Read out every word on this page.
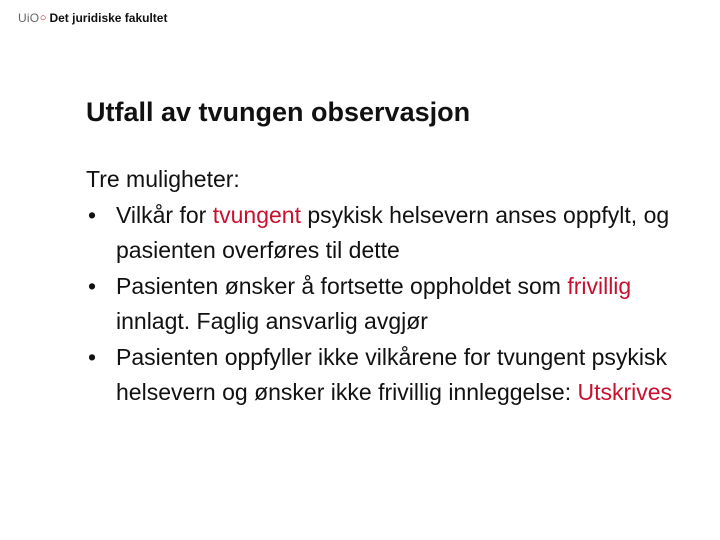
UiO ○ Det juridiske fakultet
Utfall av tvungen observasjon

Tre muligheter:

• Vilkår for tvungent psykisk helsevern anses oppfylt, og pasienten overføres til dette
• Pasienten ønsker å fortsette oppholdet som frivillig innlagt. Faglig ansvarlig avgjør
• Pasienten oppfyller ikke vilkårene for tvungent psykisk helsevern og ønsker ikke frivillig innleggelse: Utskrives
